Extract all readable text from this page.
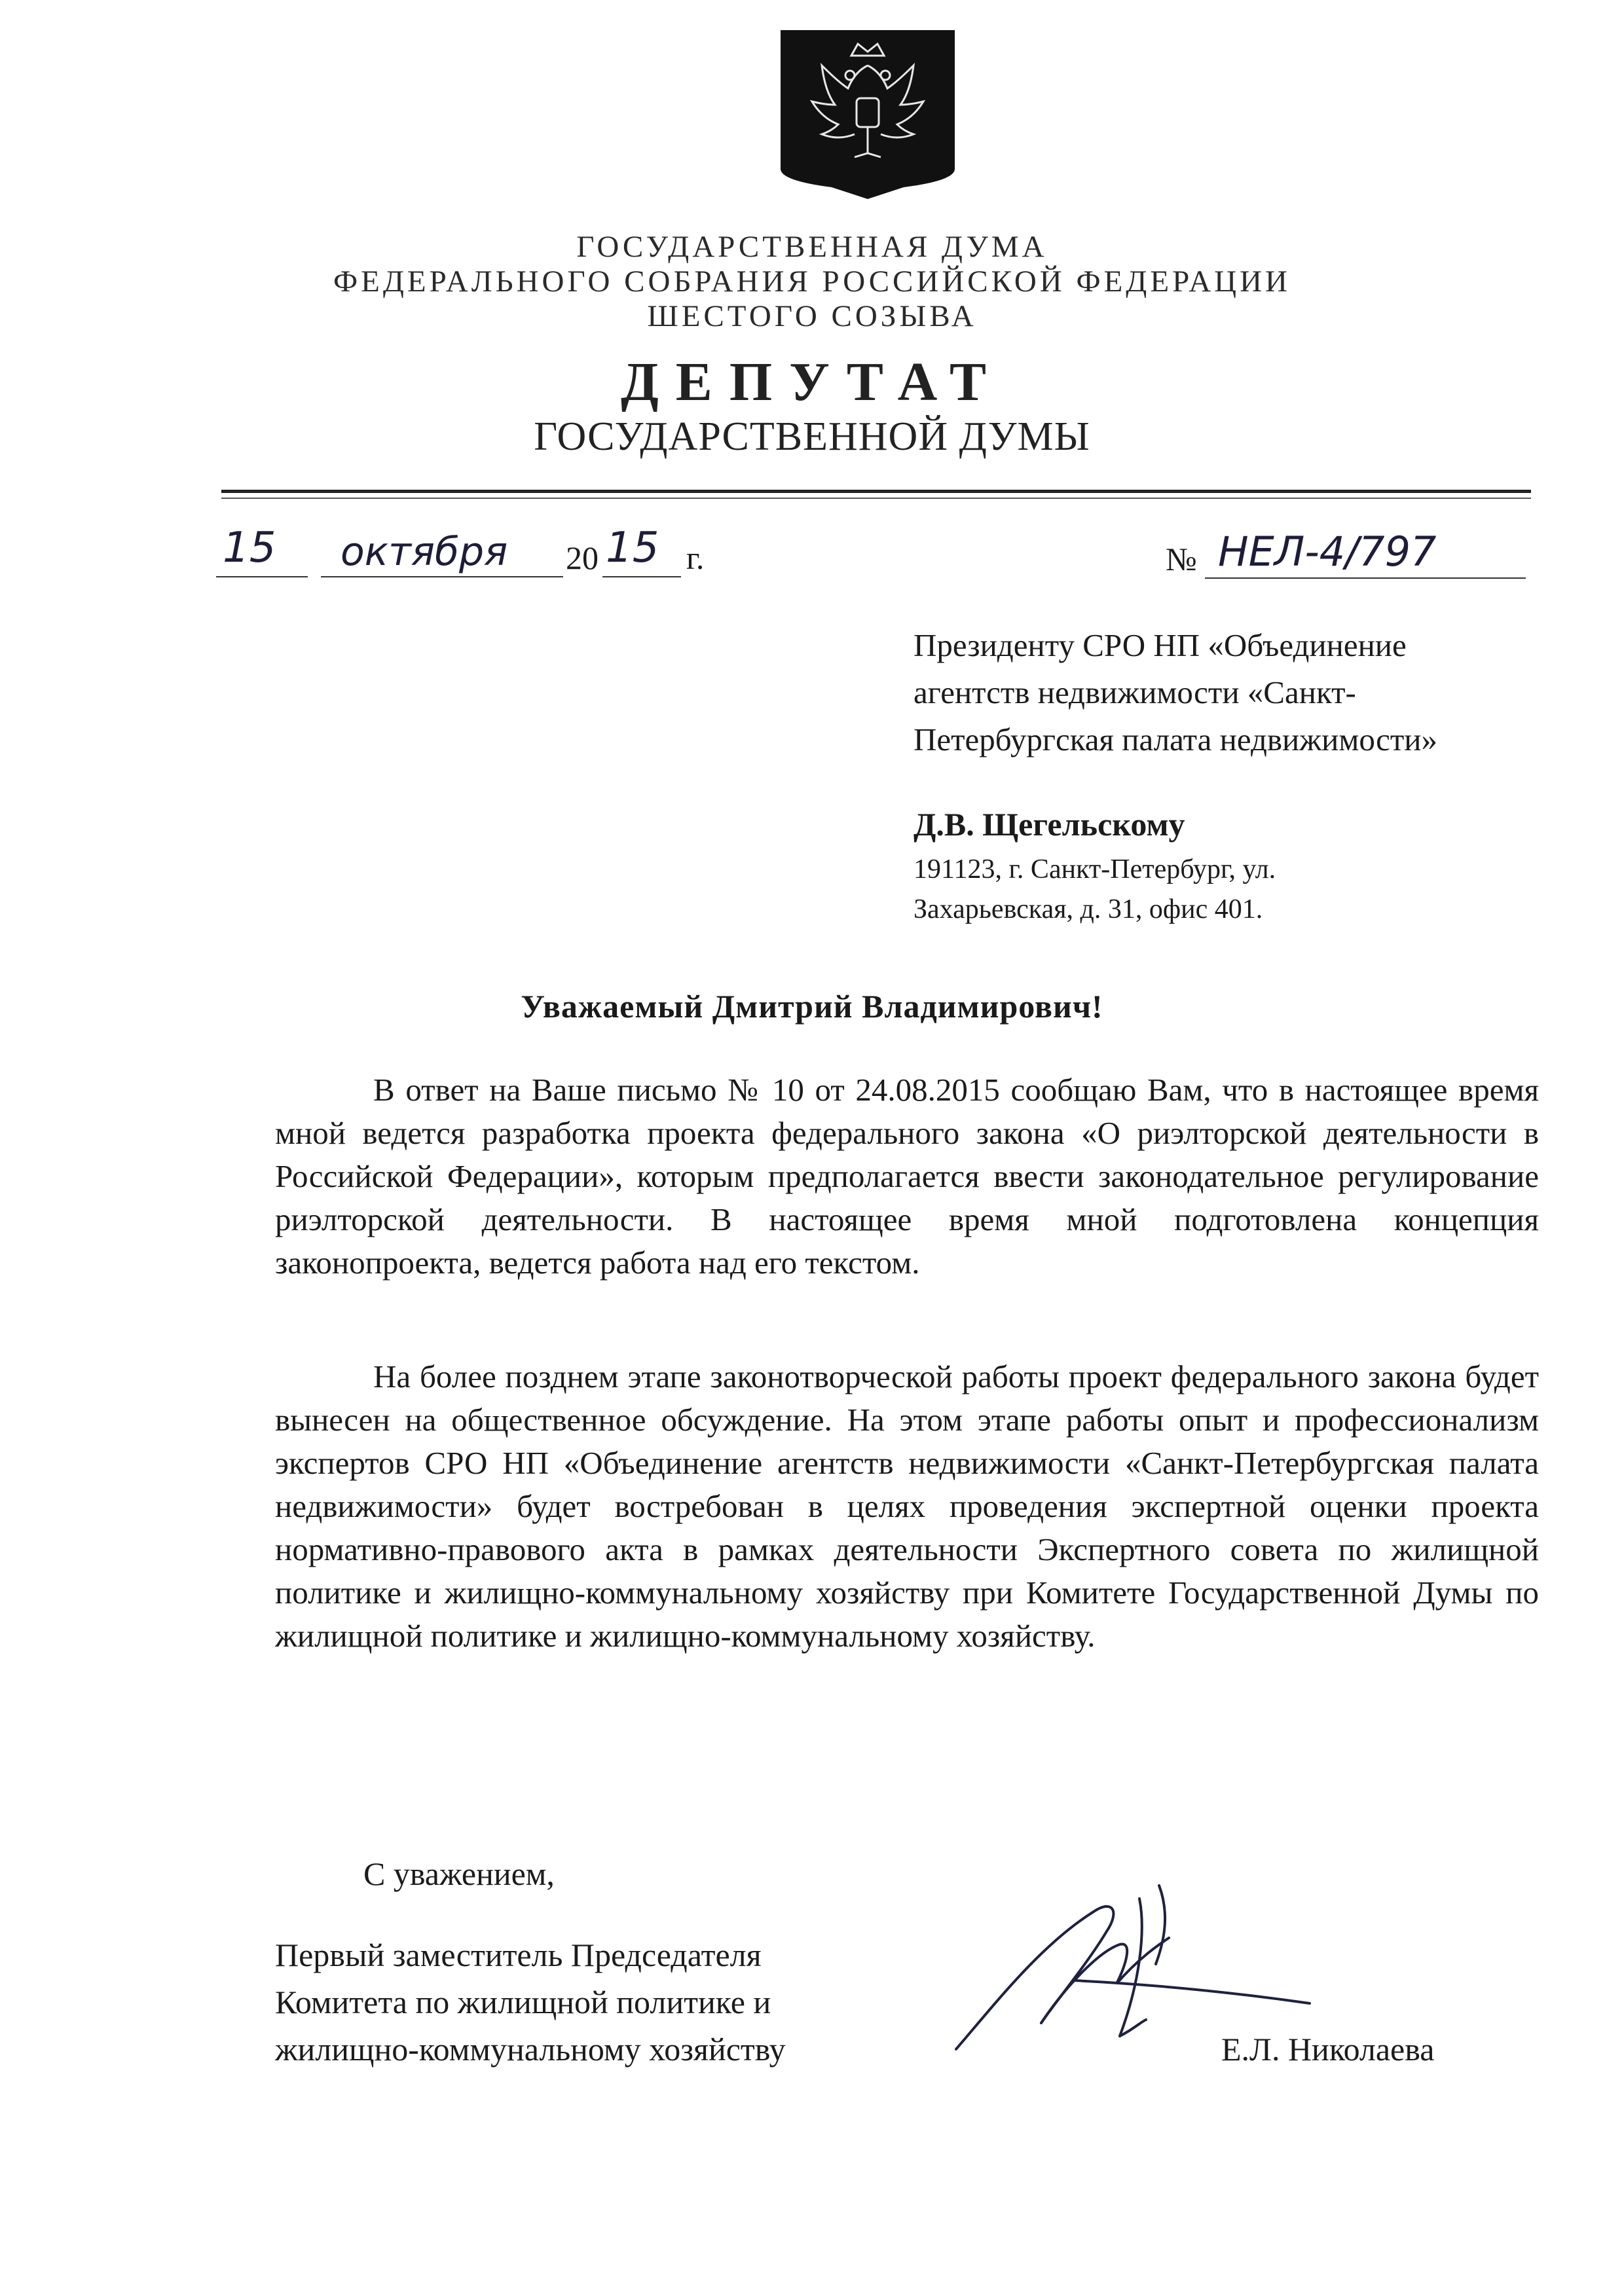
ГОСУДАРСТВЕННАЯ ДУМА
ФЕДЕРАЛЬНОГО СОБРАНИЯ РОССИЙСКОЙ ФЕДЕРАЦИИ
ШЕСТОГО СОЗЫВА
ДЕПУТАТ
ГОСУДАРСТВЕННОЙ ДУМЫ
15 октября 20 15 г.	№ НЕЛ-4/797
Президенту СРО НП «Объединение
агентств недвижимости «Санкт-
Петербургская палата недвижимости»
Д.В. Щегельскому
191123, г. Санкт-Петербург, ул.
Захарьевская, д. 31, офис 401.
Уважаемый Дмитрий Владимирович!
В ответ на Ваше письмо № 10 от 24.08.2015 сообщаю Вам, что в настоящее время мной ведется разработка проекта федерального закона «О риэлторской деятельности в Российской Федерации», которым предполагается ввести законодательное регулирование риэлторской деятельности. В настоящее время мной подготовлена концепция законопроекта, ведется работа над его текстом.
На более позднем этапе законотворческой работы проект федерального закона будет вынесен на общественное обсуждение. На этом этапе работы опыт и профессионализм экспертов СРО НП «Объединение агентств недвижимости «Санкт-Петербургская палата недвижимости» будет востребован в целях проведения экспертной оценки проекта нормативно-правового акта в рамках деятельности Экспертного совета по жилищной политике и жилищно-коммунальному хозяйству при Комитете Государственной Думы по жилищной политике и жилищно-коммунальному хозяйству.
С уважением,
Первый заместитель Председателя
Комитета по жилищной политике и
жилищно-коммунальному хозяйству	Е.Л. Николаева
